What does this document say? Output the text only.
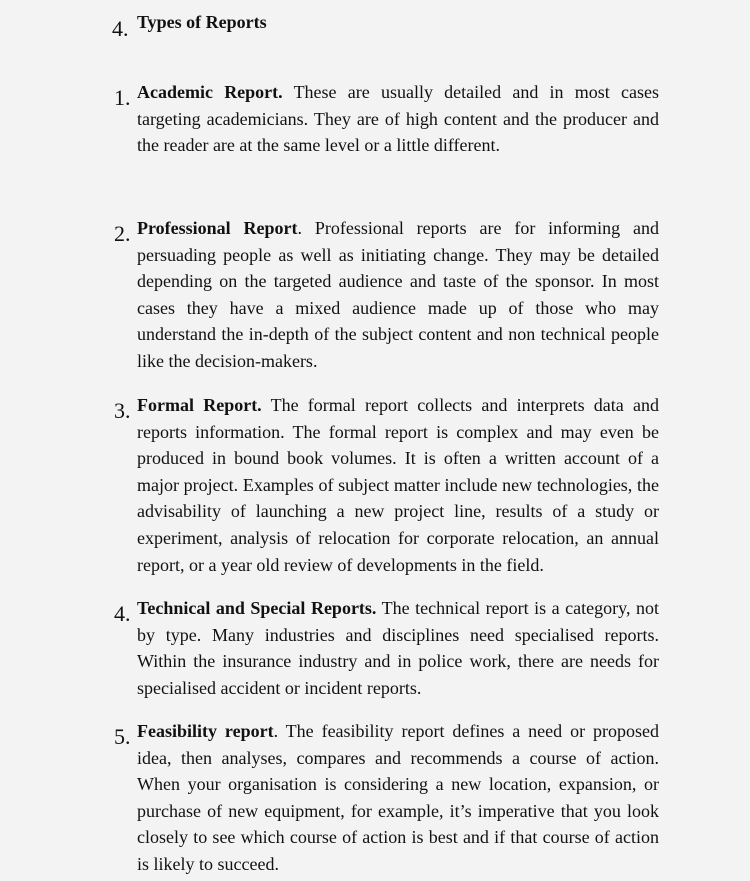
4. Types of Reports
1. Academic Report. These are usually detailed and in most cases targeting academicians. They are of high content and the producer and the reader are at the same level or a little different.

2. Professional Report. Professional reports are for informing and persuading people as well as initiating change. They may be detailed depending on the targeted audience and taste of the sponsor. In most cases they have a mixed audience made up of those who may understand the in-depth of the subject content and non technical people like the decision-makers.

3. Formal Report. The formal report collects and interprets data and reports information. The formal report is complex and may even be produced in bound book volumes. It is often a written account of a major project. Examples of subject matter include new technologies, the advisability of launching a new project line, results of a study or experiment, analysis of relocation for corporate relocation, an annual report, or a year old review of developments in the field.

4. Technical and Special Reports. The technical report is a category, not by type. Many industries and disciplines need specialised reports. Within the insurance industry and in police work, there are needs for specialised accident or incident reports.

5. Feasibility report. The feasibility report defines a need or proposed idea, then analyses, compares and recommends a course of action. When your organisation is considering a new location, expansion, or purchase of new equipment, for example, it’s imperative that you look closely to see which course of action is best and if that course of action is likely to succeed.
